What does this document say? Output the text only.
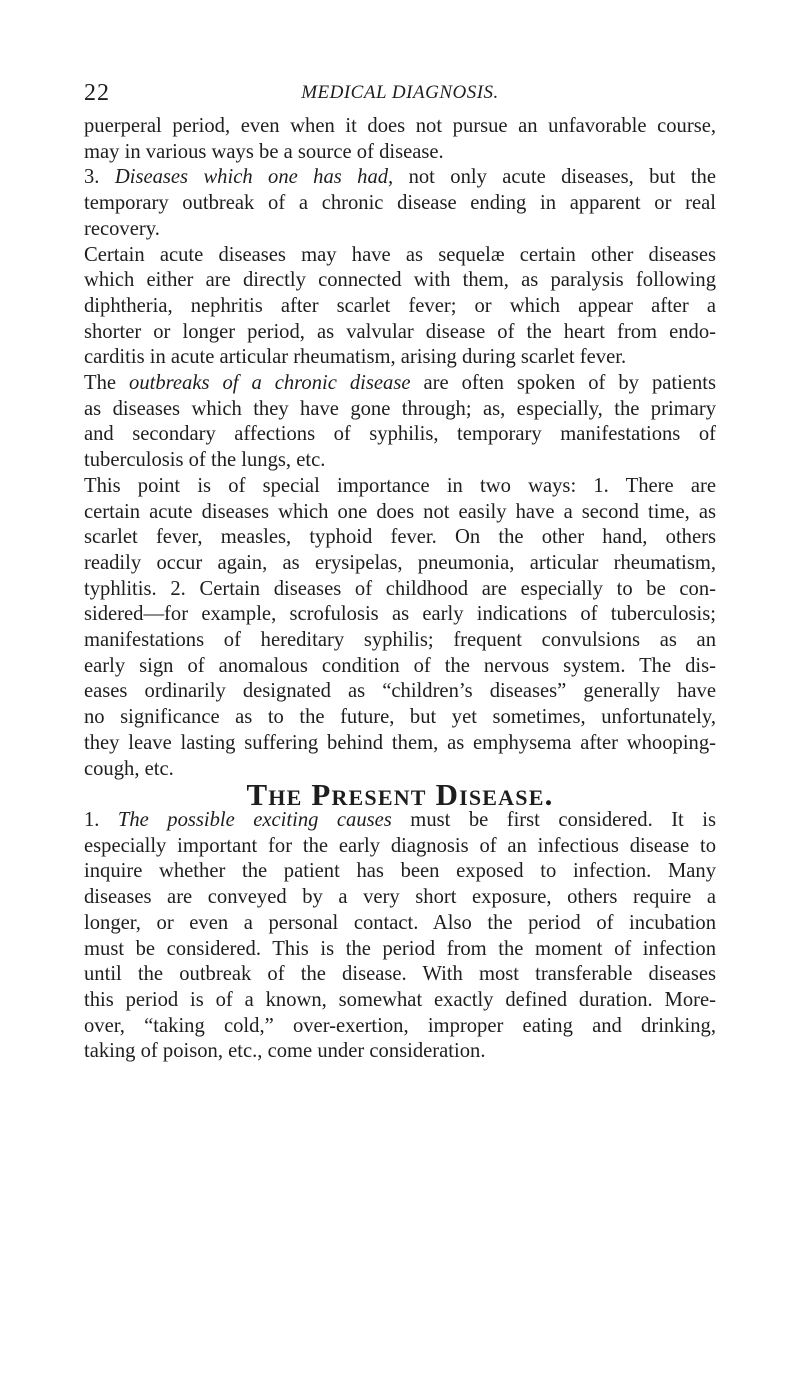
22	MEDICAL DIAGNOSIS.

puerperal period, even when it does not pursue an unfavorable course,
may in various ways be a source of disease.

3. Diseases which one has had, not only acute diseases, but the
temporary outbreak of a chronic disease ending in apparent or real
recovery.

Certain acute diseases may have as sequelæ certain other diseases
which either are directly connected with them, as paralysis following
diphtheria, nephritis after scarlet fever; or which appear after a
shorter or longer period, as valvular disease of the heart from endo-
carditis in acute articular rheumatism, arising during scarlet fever.

The outbreaks of a chronic disease are often spoken of by patients
as diseases which they have gone through; as, especially, the primary
and secondary affections of syphilis, temporary manifestations of
tuberculosis of the lungs, etc.

This point is of special importance in two ways: 1. There are
certain acute diseases which one does not easily have a second time, as
scarlet fever, measles, typhoid fever. On the other hand, others
readily occur again, as erysipelas, pneumonia, articular rheumatism,
typhlitis. 2. Certain diseases of childhood are especially to be con-
sidered—for example, scrofulosis as early indications of tuberculosis;
manifestations of hereditary syphilis; frequent convulsions as an
early sign of anomalous condition of the nervous system. The dis-
eases ordinarily designated as “children’s diseases” generally have
no significance as to the future, but yet sometimes, unfortunately,
they leave lasting suffering behind them, as emphysema after whooping-
cough, etc.

The Present Disease.

1. The possible exciting causes must be first considered. It is
especially important for the early diagnosis of an infectious disease to
inquire whether the patient has been exposed to infection. Many
diseases are conveyed by a very short exposure, others require a
longer, or even a personal contact. Also the period of incubation
must be considered. This is the period from the moment of infection
until the outbreak of the disease. With most transferable diseases
this period is of a known, somewhat exactly defined duration. More-
over, “taking cold,” over-exertion, improper eating and drinking,
taking of poison, etc., come under consideration.
